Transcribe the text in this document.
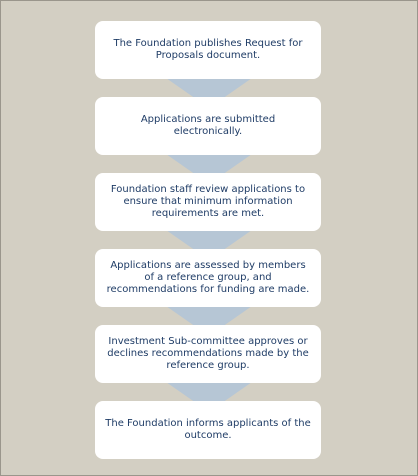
The Foundation publishes Request for Proposals document.
Applications are submitted electronically.
Foundation staff review applications to ensure that minimum information requirements are met.
Applications are assessed by members of a reference group, and recommendations for funding are made.
Investment Sub-committee approves or declines recommendations made by the reference group.
The Foundation informs applicants of the outcome.
